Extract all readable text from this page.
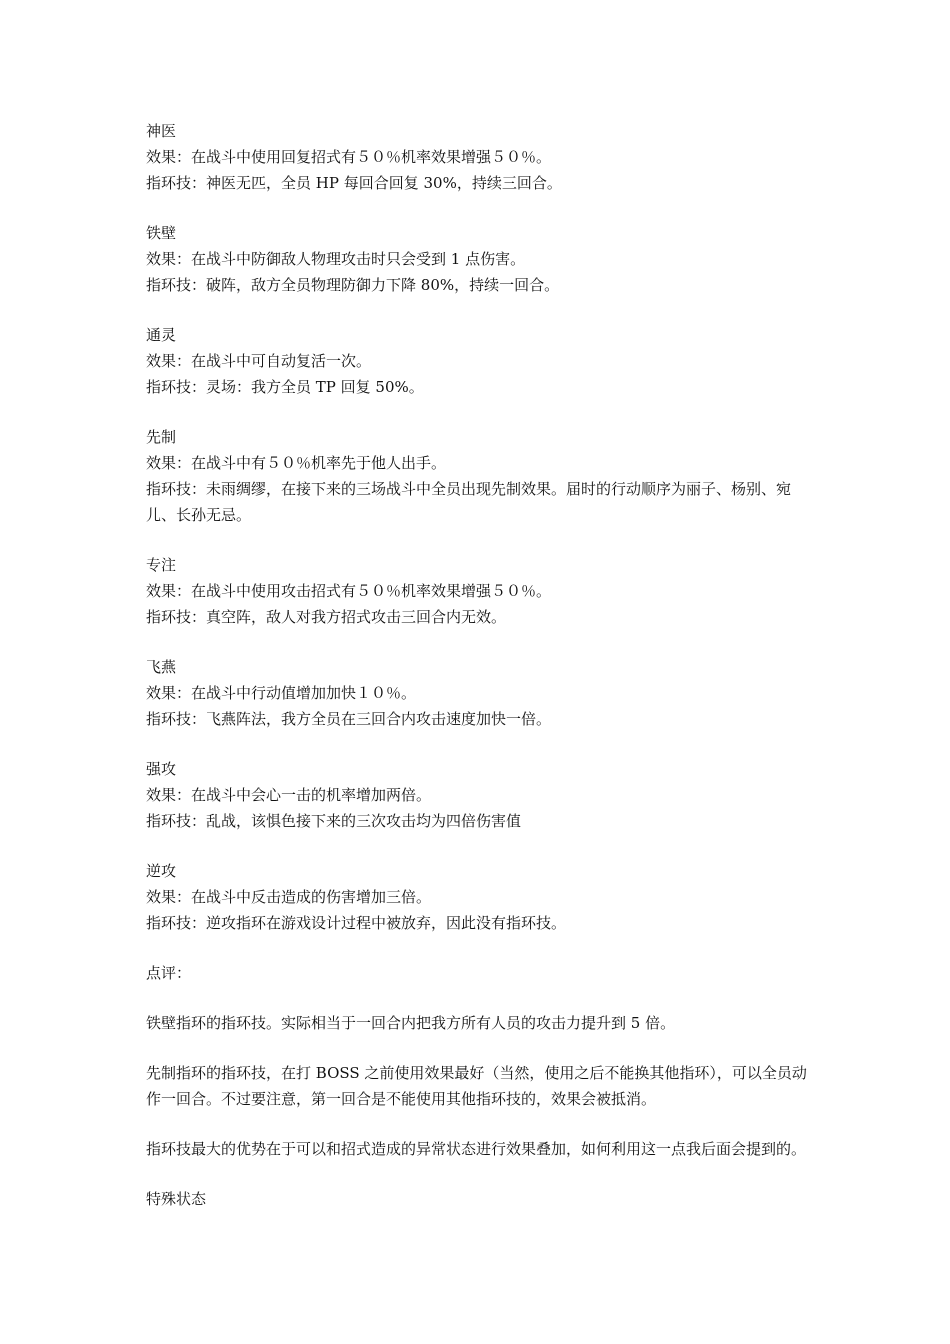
神医
效果：在战斗中使用回复招式有５０％机率效果增强５０％。
指环技：神医无匹，全员 HP 每回合回复 30%，持续三回合。
铁壁
效果：在战斗中防御敌人物理攻击时只会受到 1 点伤害。
指环技：破阵，敌方全员物理防御力下降 80%，持续一回合。
通灵
效果：在战斗中可自动复活一次。
指环技：灵场：我方全员 TP 回复 50%。
先制
效果：在战斗中有５０％机率先于他人出手。
指环技：未雨绸缪，在接下来的三场战斗中全员出现先制效果。届时的行动顺序为丽子、杨别、宛儿、长孙无忌。
专注
效果：在战斗中使用攻击招式有５０％机率效果增强５０％。
指环技：真空阵，敌人对我方招式攻击三回合内无效。
飞燕
效果：在战斗中行动值增加加快１０％。
指环技：飞燕阵法，我方全员在三回合内攻击速度加快一倍。
强攻
效果：在战斗中会心一击的机率增加两倍。
指环技：乱战，该惧色接下来的三次攻击均为四倍伤害值
逆攻
效果：在战斗中反击造成的伤害增加三倍。
指环技：逆攻指环在游戏设计过程中被放弃，因此没有指环技。

点评：

铁壁指环的指环技。实际相当于一回合内把我方所有人员的攻击力提升到 5 倍。

先制指环的指环技，在打 BOSS 之前使用效果最好（当然，使用之后不能换其他指环），可以全员动作一回合。不过要注意，第一回合是不能使用其他指环技的，效果会被抵消。

指环技最大的优势在于可以和招式造成的异常状态进行效果叠加，如何利用这一点我后面会提到的。

特殊状态
